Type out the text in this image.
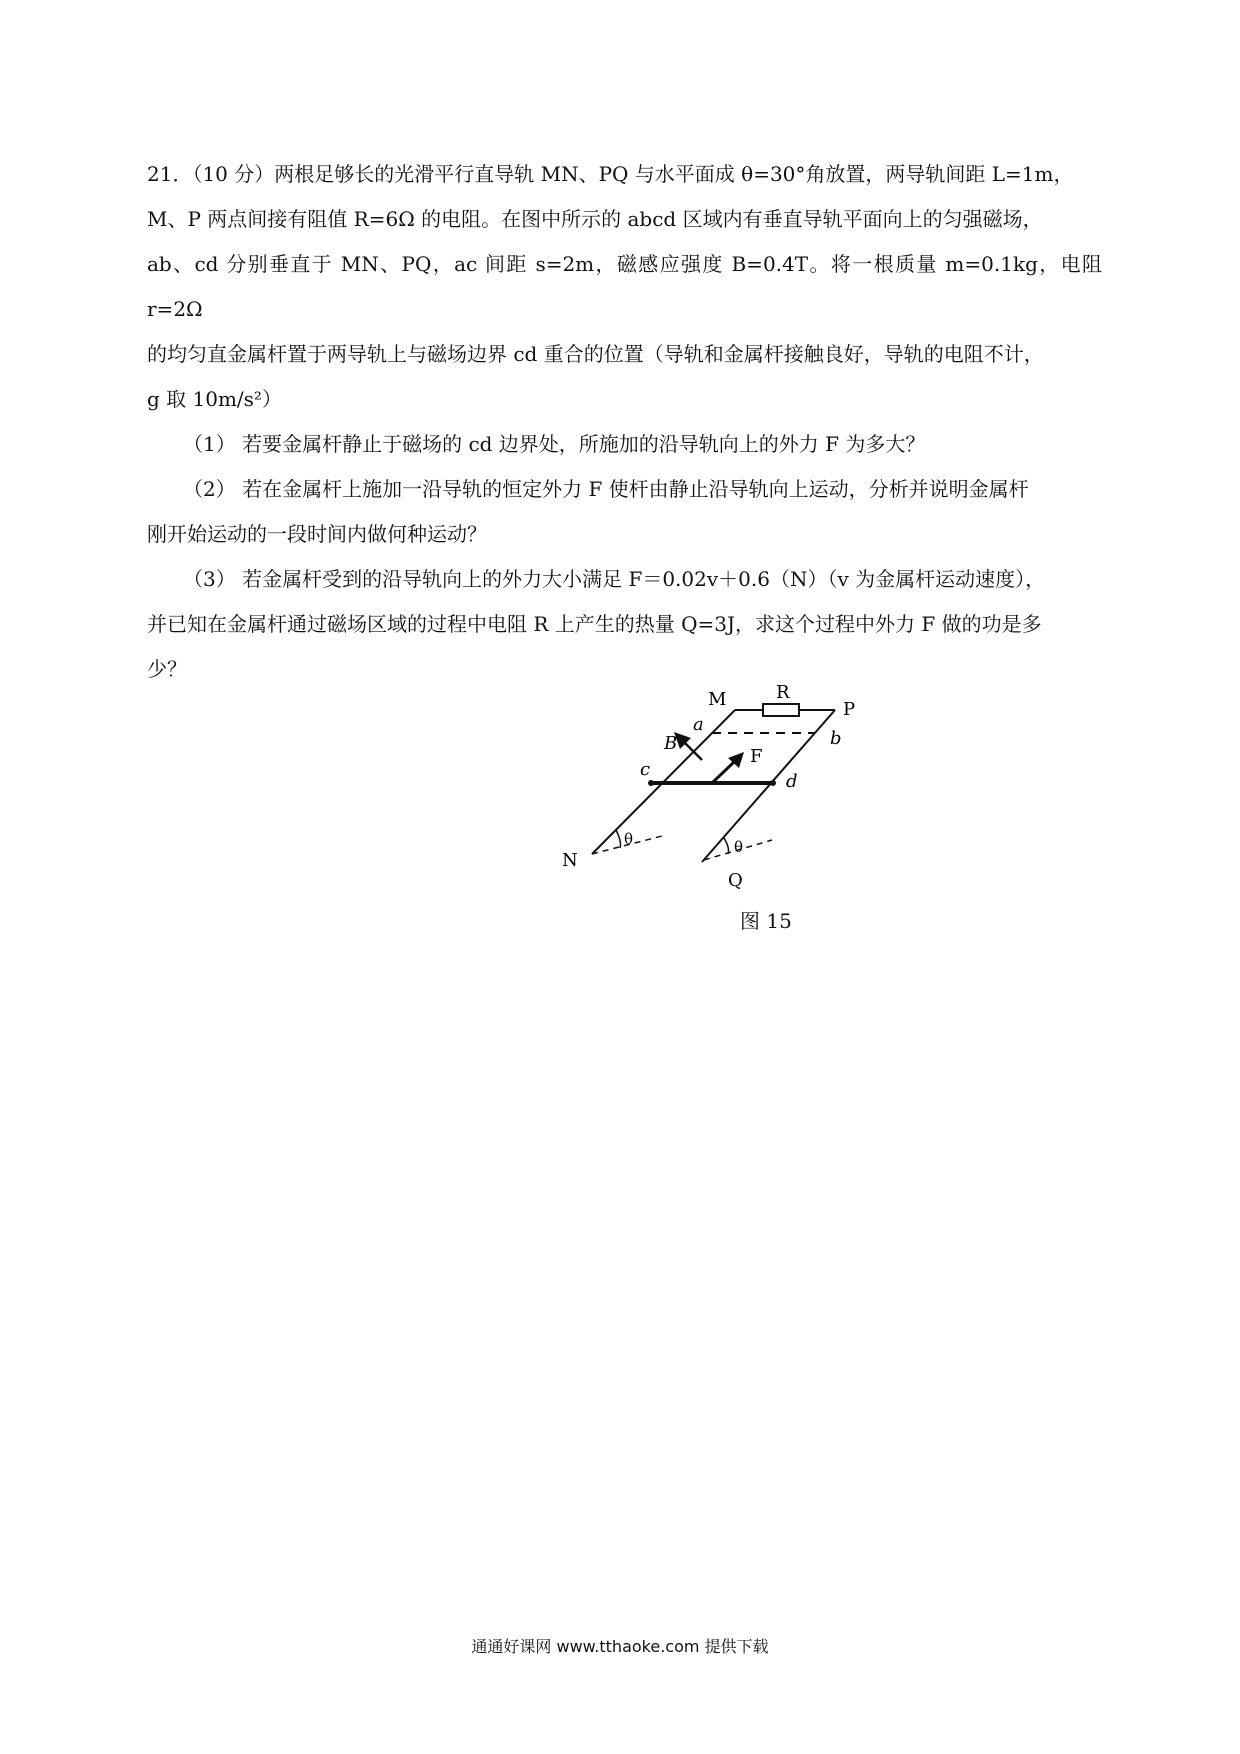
21．（10 分）两根足够长的光滑平行直导轨 MN、PQ 与水平面成 θ=30°角放置，两导轨间距 L=1m，

M、P 两点间接有阻值 R=6Ω 的电阻。在图中所示的 abcd 区域内有垂直导轨平面向上的匀强磁场，

ab、cd 分别垂直于 MN、PQ，ac 间距 s=2m，磁感应强度 B=0.4T。将一根质量 m=0.1kg，电阻 r=2Ω

的均匀直金属杆置于两导轨上与磁场边界 cd 重合的位置（导轨和金属杆接触良好，导轨的电阻不计，

g 取 10m/s²）

（1） 若要金属杆静止于磁场的 cd 边界处，所施加的沿导轨向上的外力 F 为多大？

（2） 若在金属杆上施加一沿导轨的恒定外力 F 使杆由静止沿导轨向上运动，分析并说明金属杆

刚开始运动的一段时间内做何种运动？

（3） 若金属杆受到的沿导轨向上的外力大小满足 F＝0.02v＋0.6（N）（v 为金属杆运动速度），

并已知在金属杆通过磁场区域的过程中电阻 R 上产生的热量 Q=3J，求这个过程中外力 F 做的功是多

少？

M	R
P
a
b
B
F
c
d
N
Q
θ	θ
图 15
通通好课网 www.tthaoke.com 提供下载
